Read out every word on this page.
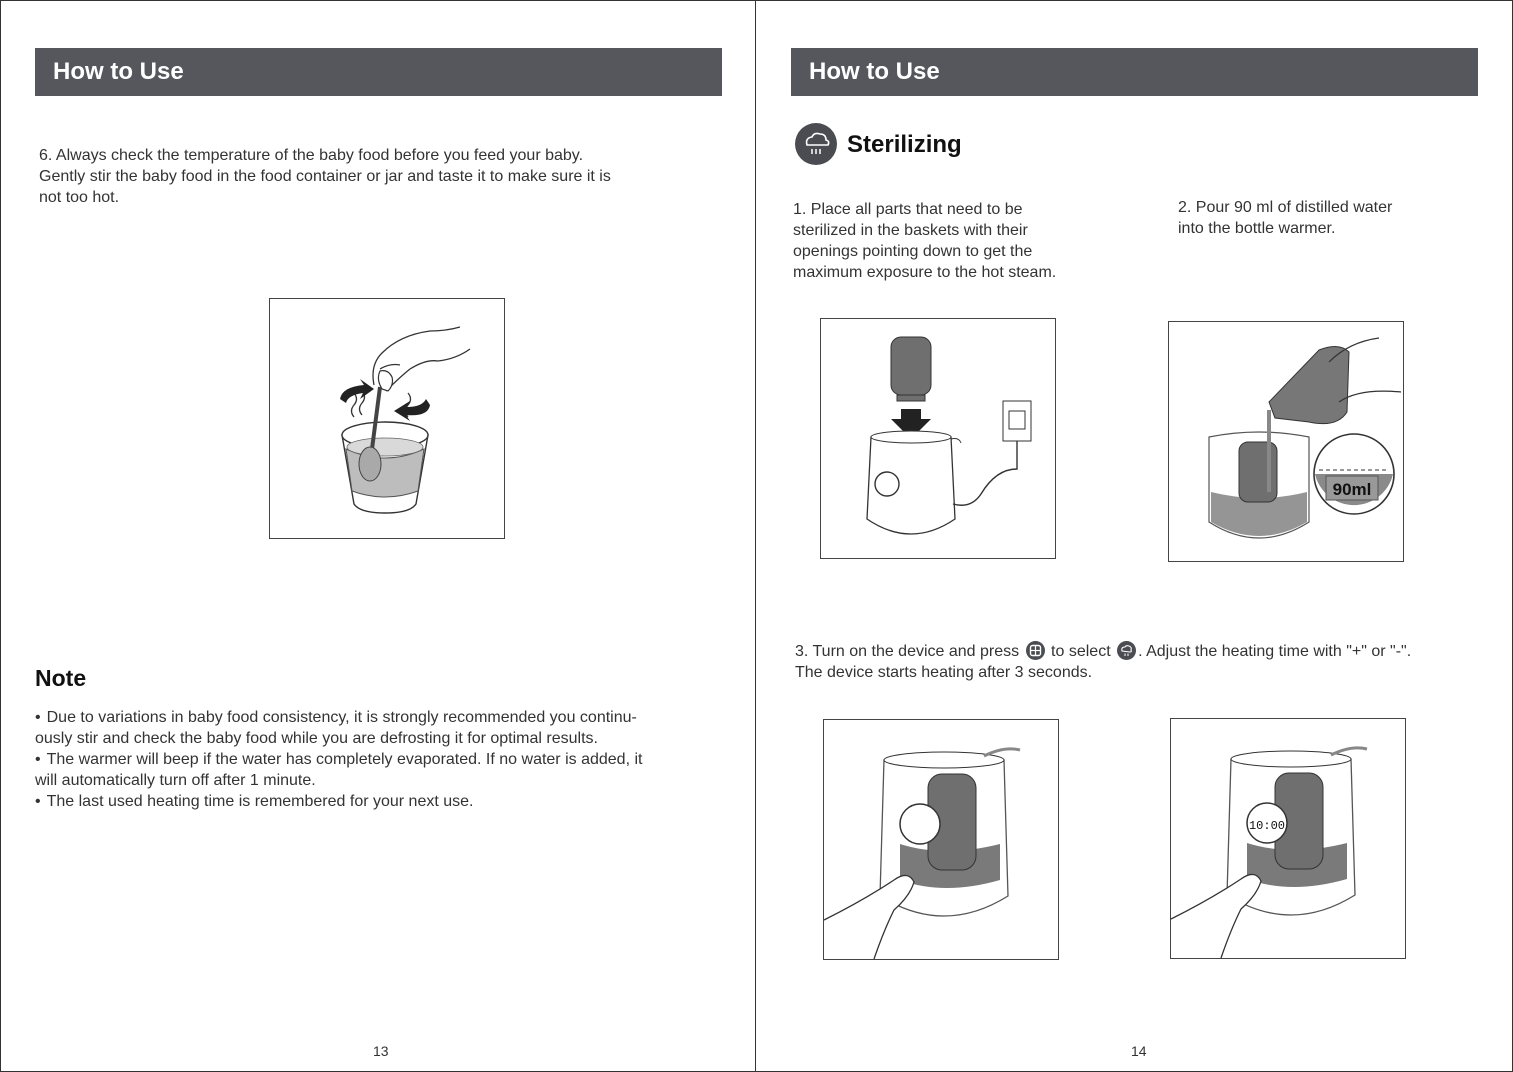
How to Use
6. Always check the temperature of the baby food before you feed your baby.
Gently stir the baby food in the food container or jar and taste it to make sure it is
not too hot.
Note
• Due to variations in baby food consistency, it is strongly recommended you continu-
ously stir and check the baby food while you are defrosting it for optimal results.
• The warmer will beep if the water has completely evaporated. If no water is added, it
will automatically turn off after 1 minute.
• The last used heating time is remembered for your next use.
13
How to Use
Sterilizing
1. Place all parts that need to be
sterilized in the baskets with their
openings pointing down to get the
maximum exposure to the hot steam.
2. Pour 90 ml of distilled water
into the bottle warmer.
90ml
3. Turn on the device and press to select . Adjust the heating time with "+" or "-".
The device starts heating after 3 seconds.
10:00
14
